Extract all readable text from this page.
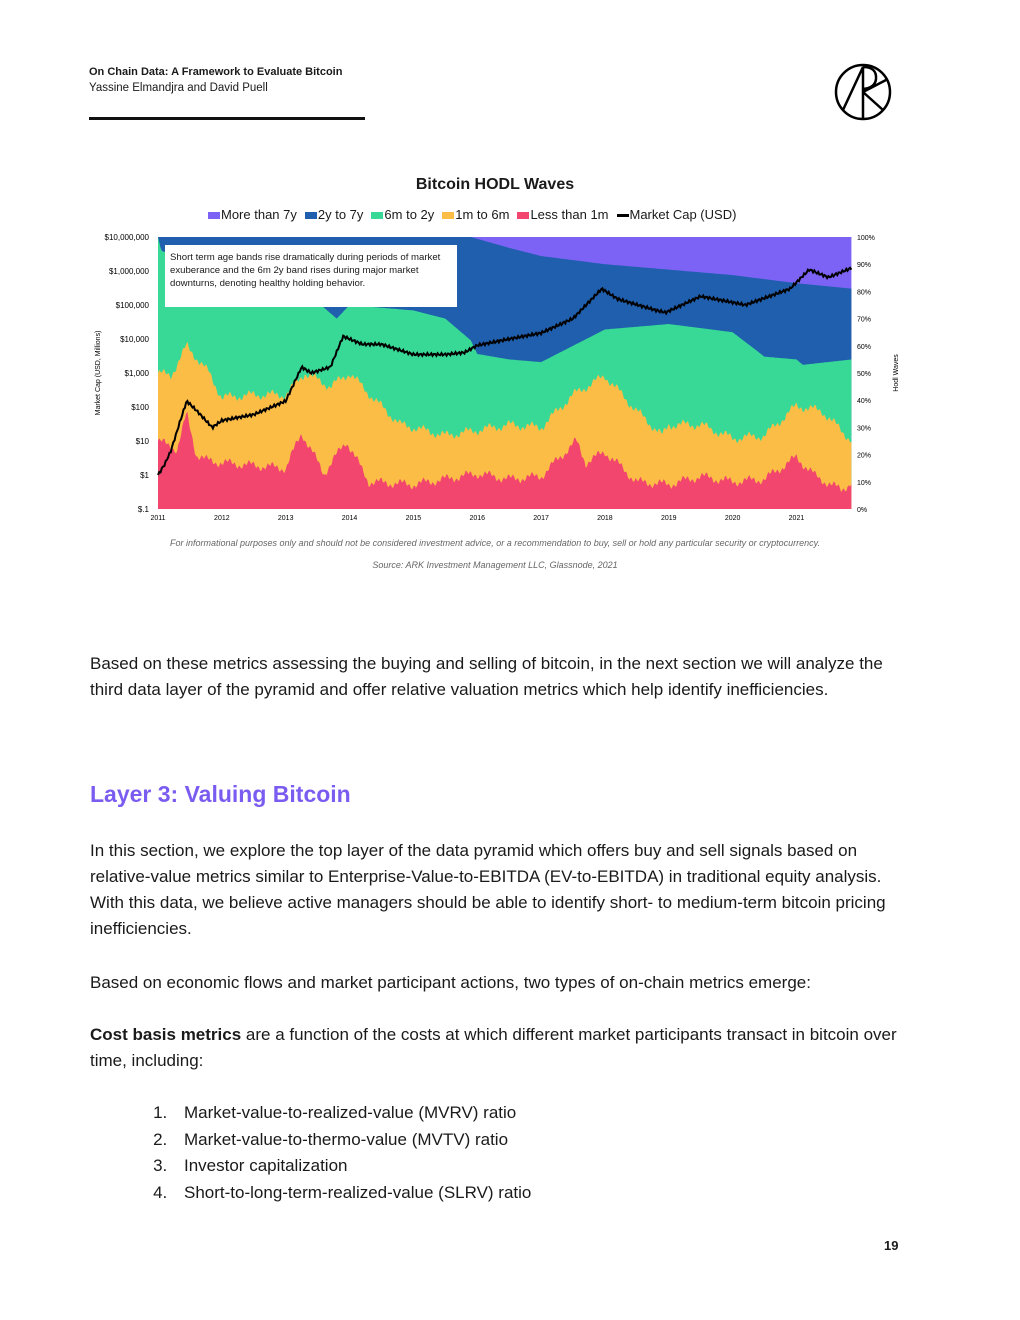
On Chain Data: A Framework to Evaluate Bitcoin
Yassine Elmandjra and David Puell
Bitcoin HODL Waves
More than 7y	2y to 7y	6m to 2y	1m to 6m	Less than 1m	Market Cap (USD)
$10,000,000
$1,000,000
$100,000
$10,000
$1,000
$100
$10
$1
$.1
100%
90%
80%
70%
60%
50%
40%
30%
20%
10%
0%
2011	2012	2013	2014	2015	2016	2017	2018	2019	2020	2021
Market Cap (USD, Millions)	Hodl Waves
Short term age bands rise dramatically during periods of market exuberance and the 6m 2y band rises during major market downturns, denoting healthy holding behavior.
For informational purposes only and should not be considered investment advice, or a recommendation to buy, sell or hold any particular security or cryptocurrency.
Source: ARK Investment Management LLC, Glassnode, 2021
Based on these metrics assessing the buying and selling of bitcoin, in the next section we will analyze the third data layer of the pyramid and offer relative valuation metrics which help identify inefficiencies.
Layer 3: Valuing Bitcoin
In this section, we explore the top layer of the data pyramid which offers buy and sell signals based on relative-value metrics similar to Enterprise-Value-to-EBITDA (EV-to-EBITDA) in traditional equity analysis. With this data, we believe active managers should be able to identify short- to medium-term bitcoin pricing inefficiencies.
Based on economic flows and market participant actions, two types of on-chain metrics emerge:
Cost basis metrics are a function of the costs at which different market participants transact in bitcoin over time, including:
1. Market-value-to-realized-value (MVRV) ratio
2. Market-value-to-thermo-value (MVTV) ratio
3. Investor capitalization
4. Short-to-long-term-realized-value (SLRV) ratio
19
